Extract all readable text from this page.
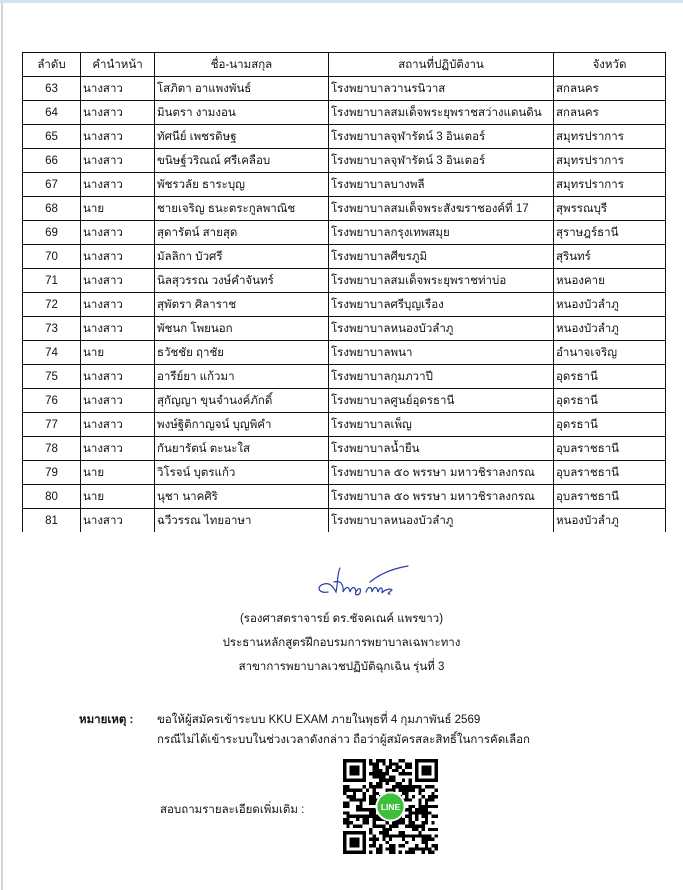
ลำดับ	คำนำหน้า	ชื่อ-นามสกุล	สถานที่ปฏิบัติงาน	จังหวัด
63	นางสาว	โสภิตา อาแพงพันธ์	โรงพยาบาลวานรนิวาส	สกลนคร
64	นางสาว	มินตรา งามงอน	โรงพยาบาลสมเด็จพระยุพราชสว่างแดนดิน	สกลนคร
65	นางสาว	ทัศนีย์ เพชรดิษฐ	โรงพยาบาลจุฬารัตน์ 3 อินเตอร์	สมุทรปราการ
66	นางสาว	ขนิษฐ์วริณณ์ ศรีเคลือบ	โรงพยาบาลจุฬารัตน์ 3 อินเตอร์	สมุทรปราการ
67	นางสาว	พัชรวลัย ธาระบุญ	โรงพยาบาลบางพลี	สมุทรปราการ
68	นาย	ชายเจริญ ธนะตระกูลพาณิช	โรงพยาบาลสมเด็จพระสังฆราชองค์ที่ 17	สุพรรณบุรี
69	นางสาว	สุดารัตน์ สายสุด	โรงพยาบาลกรุงเทพสมุย	สุราษฎร์ธานี
70	นางสาว	มัลลิกา บัวศรี	โรงพยาบาลศีขรภูมิ	สุรินทร์
71	นางสาว	นิลสุวรรณ วงษ์คำจันทร์	โรงพยาบาลสมเด็จพระยุพราชท่าบ่อ	หนองคาย
72	นางสาว	สุพัตรา ศิลาราช	โรงพยาบาลศรีบุญเรือง	หนองบัวลำภู
73	นางสาว	พัชนก โพยนอก	โรงพยาบาลหนองบัวลำภู	หนองบัวลำภู
74	นาย	ธวัชชัย ฤาชัย	โรงพยาบาลพนา	อำนาจเจริญ
75	นางสาว	อารีย์ยา แก้วมา	โรงพยาบาลกุมภวาปี	อุดรธานี
76	นางสาว	สุกัญญา ขุนจำนงค์ภักดิ์	โรงพยาบาลศูนย์อุดรธานี	อุดรธานี
77	นางสาว	พงษ์ฐิติกาญจน์ บุญพิคำ	โรงพยาบาลเพ็ญ	อุดรธานี
78	นางสาว	กันยารัตน์ ตะนะใส	โรงพยาบาลน้ำยืน	อุบลราชธานี
79	นาย	วิโรจน์ บุตรแก้ว	โรงพยาบาล ๕๐ พรรษา มหาวชิราลงกรณ	อุบลราชธานี
80	นาย	นุชา นาคศิริ	โรงพยาบาล ๕๐ พรรษา มหาวชิราลงกรณ	อุบลราชธานี
81	นางสาว	ฉวีวรรณ ไทยอาษา	โรงพยาบาลหนองบัวลำภู	หนองบัวลำภู
(รองศาสตราจารย์ ดร.ชัจคเณค์ แพรขาว)
ประธานหลักสูตรฝึกอบรมการพยาบาลเฉพาะทาง
สาขาการพยาบาลเวชปฏิบัติฉุกเฉิน รุ่นที่ 3
หมายเหตุ : ขอให้ผู้สมัครเข้าระบบ KKU EXAM ภายในพุธที่ 4 กุมภาพันธ์ 2569
กรณีไม่ได้เข้าระบบในช่วงเวลาดังกล่าว ถือว่าผู้สมัครสละสิทธิ์ในการคัดเลือก
สอบถามรายละเอียดเพิ่มเติม :	LINE
